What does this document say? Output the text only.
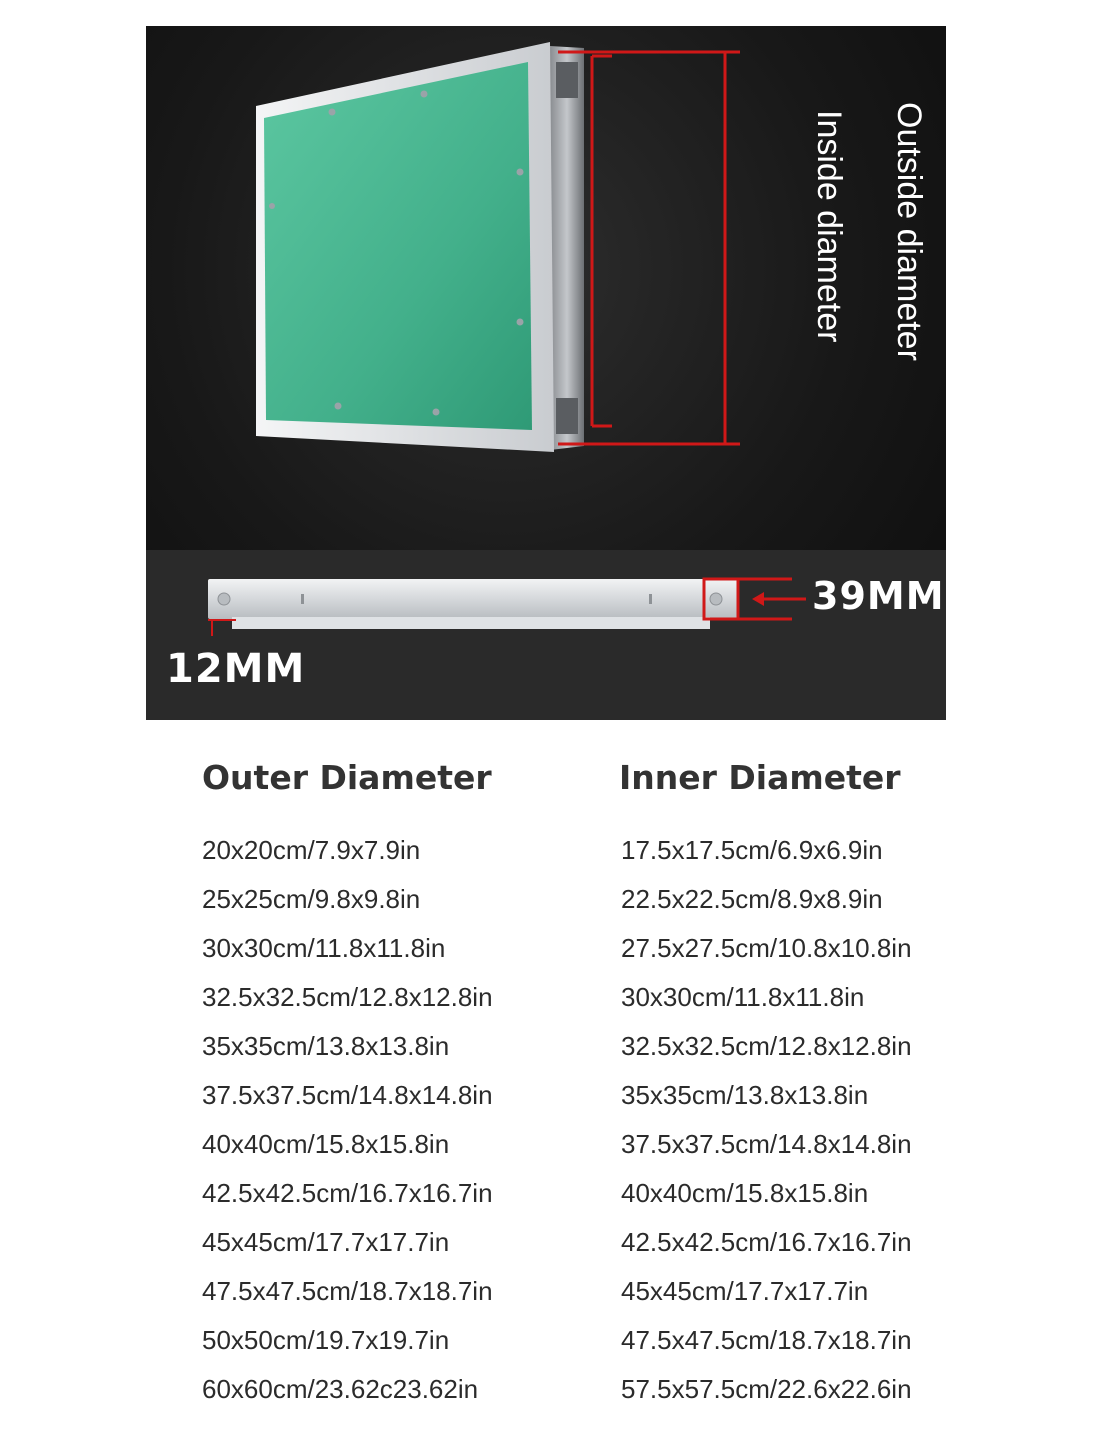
Outside diameter
Inside diameter
39MM
12MM
Outer Diameter	Inner Diameter
20x20cm/7.9x7.9in
25x25cm/9.8x9.8in
30x30cm/11.8x11.8in
32.5x32.5cm/12.8x12.8in
35x35cm/13.8x13.8in
37.5x37.5cm/14.8x14.8in
40x40cm/15.8x15.8in
42.5x42.5cm/16.7x16.7in
45x45cm/17.7x17.7in
47.5x47.5cm/18.7x18.7in
50x50cm/19.7x19.7in
60x60cm/23.62c23.62in
17.5x17.5cm/6.9x6.9in
22.5x22.5cm/8.9x8.9in
27.5x27.5cm/10.8x10.8in
30x30cm/11.8x11.8in
32.5x32.5cm/12.8x12.8in
35x35cm/13.8x13.8in
37.5x37.5cm/14.8x14.8in
40x40cm/15.8x15.8in
42.5x42.5cm/16.7x16.7in
45x45cm/17.7x17.7in
47.5x47.5cm/18.7x18.7in
57.5x57.5cm/22.6x22.6in
